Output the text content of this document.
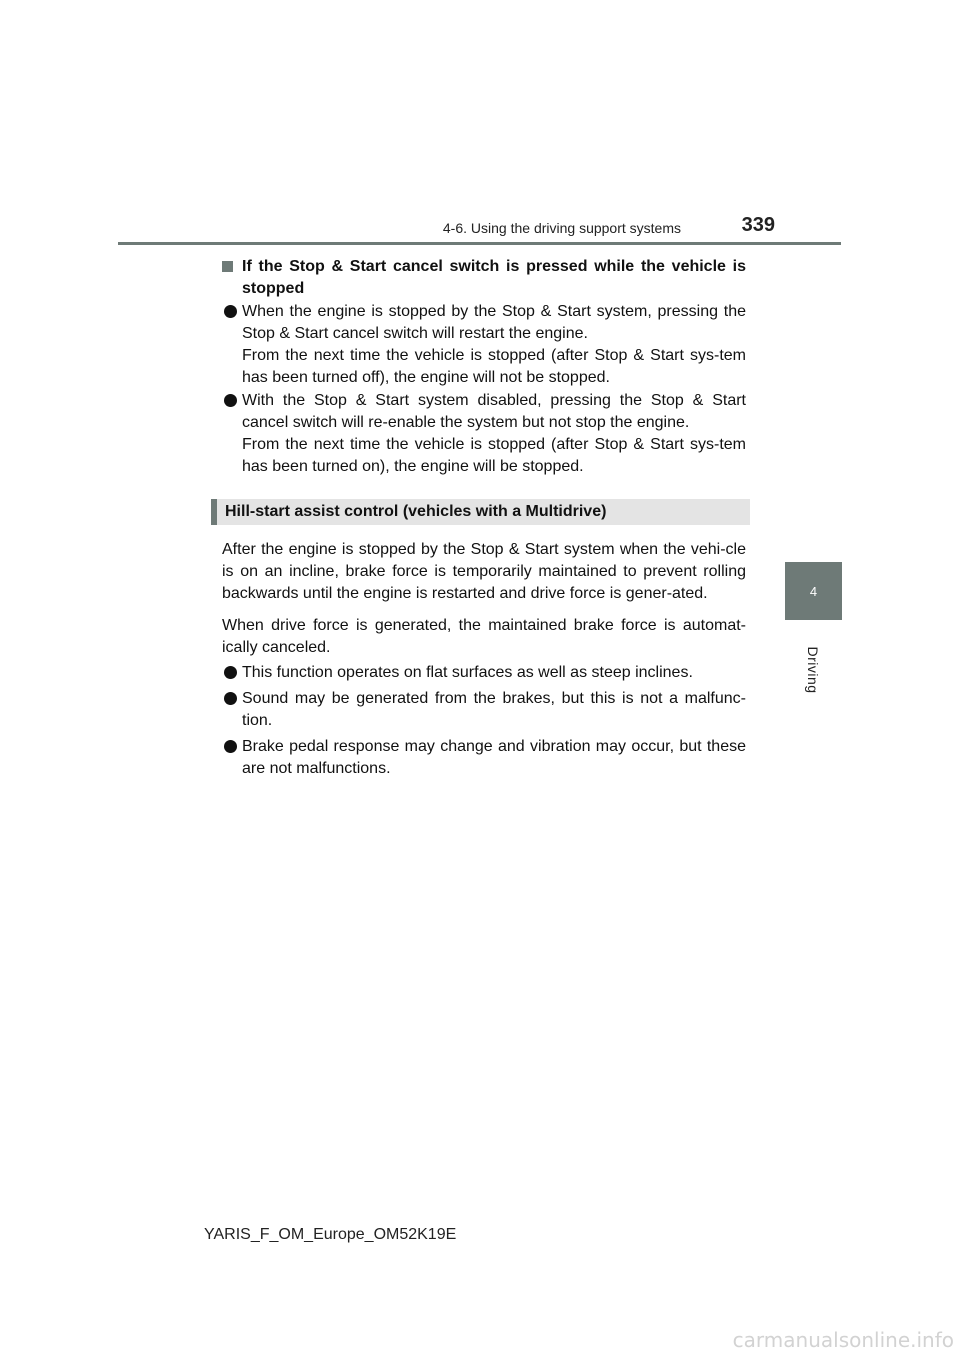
4-6. Using the driving support systems	339
4
Driving
If the Stop & Start cancel switch is pressed while the vehicle is stopped

When the engine is stopped by the Stop & Start system, pressing the Stop & Start cancel switch will restart the engine.

From the next time the vehicle is stopped (after Stop & Start sys-tem has been turned off), the engine will not be stopped.

With the Stop & Start system disabled, pressing the Stop & Start cancel switch will re-enable the system but not stop the engine.

From the next time the vehicle is stopped (after Stop & Start sys-tem has been turned on), the engine will be stopped.

Hill-start assist control (vehicles with a Multidrive)

After the engine is stopped by the Stop & Start system when the vehi-cle is on an incline, brake force is temporarily maintained to prevent rolling backwards until the engine is restarted and drive force is gener-ated.

When drive force is generated, the maintained brake force is automat-ically canceled.

This function operates on flat surfaces as well as steep inclines.

Sound may be generated from the brakes, but this is not a malfunc-tion.

Brake pedal response may change and vibration may occur, but these are not malfunctions.

YARIS_F_OM_Europe_OM52K19E
carmanualsonline.info
